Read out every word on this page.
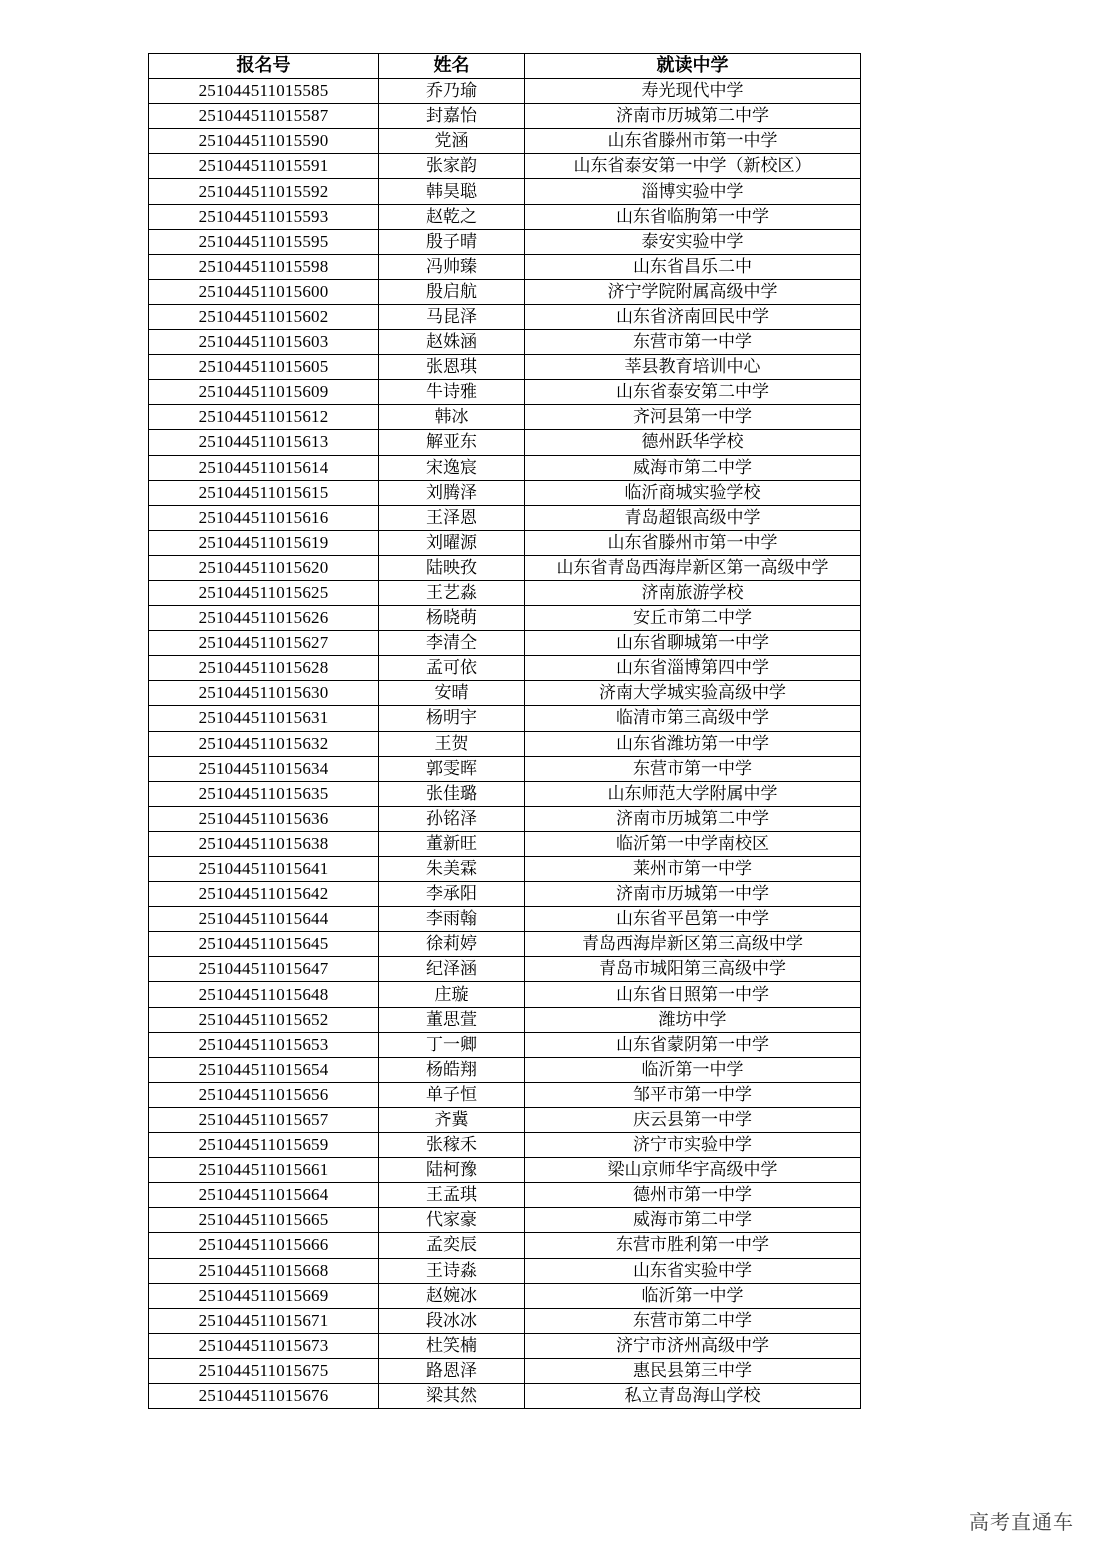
报名号	姓名	就读中学
251044511015585	乔乃瑜	寿光现代中学
251044511015587	封嘉怡	济南市历城第二中学
251044511015590	党涵	山东省滕州市第一中学
251044511015591	张家韵	山东省泰安第一中学（新校区）
251044511015592	韩昊聪	淄博实验中学
251044511015593	赵乾之	山东省临朐第一中学
251044511015595	殷子晴	泰安实验中学
251044511015598	冯帅臻	山东省昌乐二中
251044511015600	殷启航	济宁学院附属高级中学
251044511015602	马昆泽	山东省济南回民中学
251044511015603	赵姝涵	东营市第一中学
251044511015605	张恩琪	莘县教育培训中心
251044511015609	牛诗雅	山东省泰安第二中学
251044511015612	韩冰	齐河县第一中学
251044511015613	解亚东	德州跃华学校
251044511015614	宋逸宸	威海市第二中学
251044511015615	刘腾泽	临沂商城实验学校
251044511015616	王泽恩	青岛超银高级中学
251044511015619	刘曜源	山东省滕州市第一中学
251044511015620	陆映孜	山东省青岛西海岸新区第一高级中学
251044511015625	王艺淼	济南旅游学校
251044511015626	杨晓萌	安丘市第二中学
251044511015627	李清仝	山东省聊城第一中学
251044511015628	孟可依	山东省淄博第四中学
251044511015630	安晴	济南大学城实验高级中学
251044511015631	杨明宇	临清市第三高级中学
251044511015632	王贺	山东省潍坊第一中学
251044511015634	郭雯晖	东营市第一中学
251044511015635	张佳璐	山东师范大学附属中学
251044511015636	孙铭泽	济南市历城第二中学
251044511015638	董新旺	临沂第一中学南校区
251044511015641	朱美霖	莱州市第一中学
251044511015642	李承阳	济南市历城第一中学
251044511015644	李雨翰	山东省平邑第一中学
251044511015645	徐莉婷	青岛西海岸新区第三高级中学
251044511015647	纪泽涵	青岛市城阳第三高级中学
251044511015648	庄璇	山东省日照第一中学
251044511015652	董思萱	潍坊中学
251044511015653	丁一卿	山东省蒙阴第一中学
251044511015654	杨皓翔	临沂第一中学
251044511015656	单子恒	邹平市第一中学
251044511015657	齐冀	庆云县第一中学
251044511015659	张稼禾	济宁市实验中学
251044511015661	陆柯豫	梁山京师华宇高级中学
251044511015664	王孟琪	德州市第一中学
251044511015665	代家豪	威海市第二中学
251044511015666	孟奕辰	东营市胜利第一中学
251044511015668	王诗淼	山东省实验中学
251044511015669	赵婉冰	临沂第一中学
251044511015671	段冰冰	东营市第二中学
251044511015673	杜笑楠	济宁市济州高级中学
251044511015675	路恩泽	惠民县第三中学
251044511015676	梁其然	私立青岛海山学校
高考直通车
